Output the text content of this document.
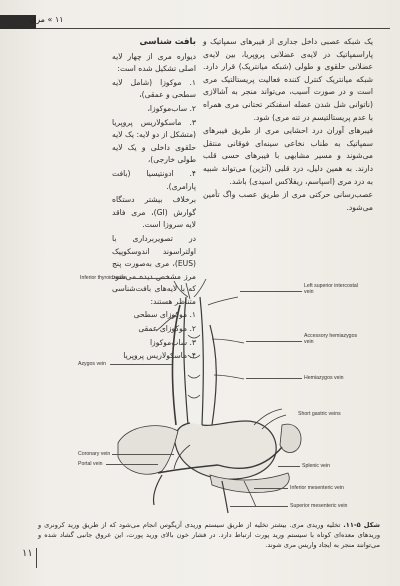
۱۱ » مری

یک شبکه عصبی داخل جداری از فیبرهای سمپاتیک و پاراسمپاتیک در لایه‌ی عضلانی پروپریا، بین لایه‌ی عضلانی حلقوی و طولی (شبکه میانتریک) قرار دارد. شبکه میانتریک کنترل کننده فعالیت پریستالتیک مری است و در صورت آسیب، می‌تواند منجر به آشالازی (ناتوانی شل شدن عضله اسفنکتر تحتانی مری همراه با عدم پریستالتیسم در تنه مری) شود.

فیبرهای آوران درد احشایی مری از طریق فیبرهای سمپاتیک به طناب نخاعی سینه‌ای فوقانی منتقل می‌شوند و مسیر مشابهی با فیبرهای حسی قلب دارند. به همین دلیل، درد قلبی (آنژین) می‌تواند شبیه به درد مری (اسپاسم، ریفلاکس اسیدی) باشد.

عصب‌رسانی حرکتی مری از طریق عصب واگ تأمین می‌شود.

بافت شناسی

دیواره مری از چهار لایه اصلی تشکیل شده است:

۱. موکوزا (شامل لایه سطحی و عمقی)،

۲. ساب‌موکوزا،

۳. ماسکولاریس پروپریا (متشکل از دو لایه: یک لایه حلقوی داخلی و یک لایه طولی خارجی)،

۴. ادونتیسیا (بافت پارامری).

برخلاف بیشتر دستگاه گوارش (GI)، مری فاقد لایه سروزا است.

در تصویربرداری با اولتراسوند اندوسکوپیک (EUS)، مری به‌صورت پنج مرز مشخص دیده می‌شود که با لایه‌های بافت‌شناسی متناظر هستند:

۱. موکوزای سطحی

۲. موکوزای عمقی

۳. ساب‌موکوزا

۴. ماسکولاریس پروپریا

Inferior thyroid veins
Azygos vein
Coronary vein
Portal vein
Left superior intercostal vein
Accessory hemiazygos vein
Hemiazygos vein
Short gastric veins
Splenic vein
Inferior mesenteric vein
Superior mesenteric vein
شکل ۵-۱۱. تخلیه وریدی مری. بیشتر تخلیه از طریق سیستم وریدی آزیگوس انجام می‌شود که از طریق ورید کرونری و وریدهای معده‌ای کوتاه با سیستم ورید پورت ارتباط دارد. در فشار خون بالای ورید پورت، این عروق جانبی گشاد شده و می‌توانند منجر به ایجاد واریس مری شوند.
۱۱
